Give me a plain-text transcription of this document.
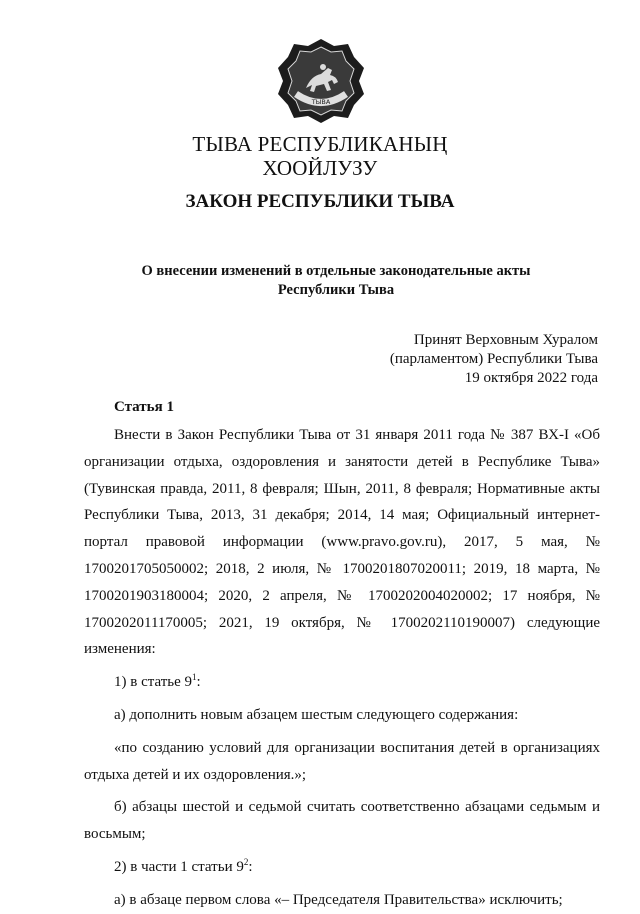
ТЫВА
ТЫВА РЕСПУБЛИКАНЫҢ
ХООЙЛУЗУ
ЗАКОН РЕСПУБЛИКИ ТЫВА
О внесении изменений в отдельные законодательные акты
Республики Тыва
Принят Верховным Хуралом
(парламентом) Республики Тыва
19 октября 2022 года
Статья 1

Внести в Закон Республики Тыва от 31 января 2011 года № 387 ВХ-I «Об

организации отдыха, оздоровления и занятости детей в Республике Тыва»

(Тувинская правда, 2011, 8 февраля; Шын, 2011, 8 февраля; Нормативные акты

Республики Тыва, 2013, 31 декабря; 2014, 14 мая; Официальный интернет-

портал правовой информации (www.pravo.gov.ru), 2017, 5 мая, №

1700201705050002; 2018, 2 июля, № 1700201807020011; 2019, 18 марта, №

1700201903180004; 2020, 2 апреля, № 1700202004020002; 17 ноября, №

1700202011170005; 2021, 19 октября, № 1700202110190007) следующие

изменения:

1) в статье $9^1$:

а) дополнить новым абзацем шестым следующего содержания:

«по созданию условий для организации воспитания детей в организациях

отдыха детей и их оздоровления.»;

б) абзацы шестой и седьмой считать соответственно абзацами седьмым и

восьмым;

2) в части 1 статьи $9^2$:

а) в абзаце первом слова «– Председателя Правительства» исключить;
